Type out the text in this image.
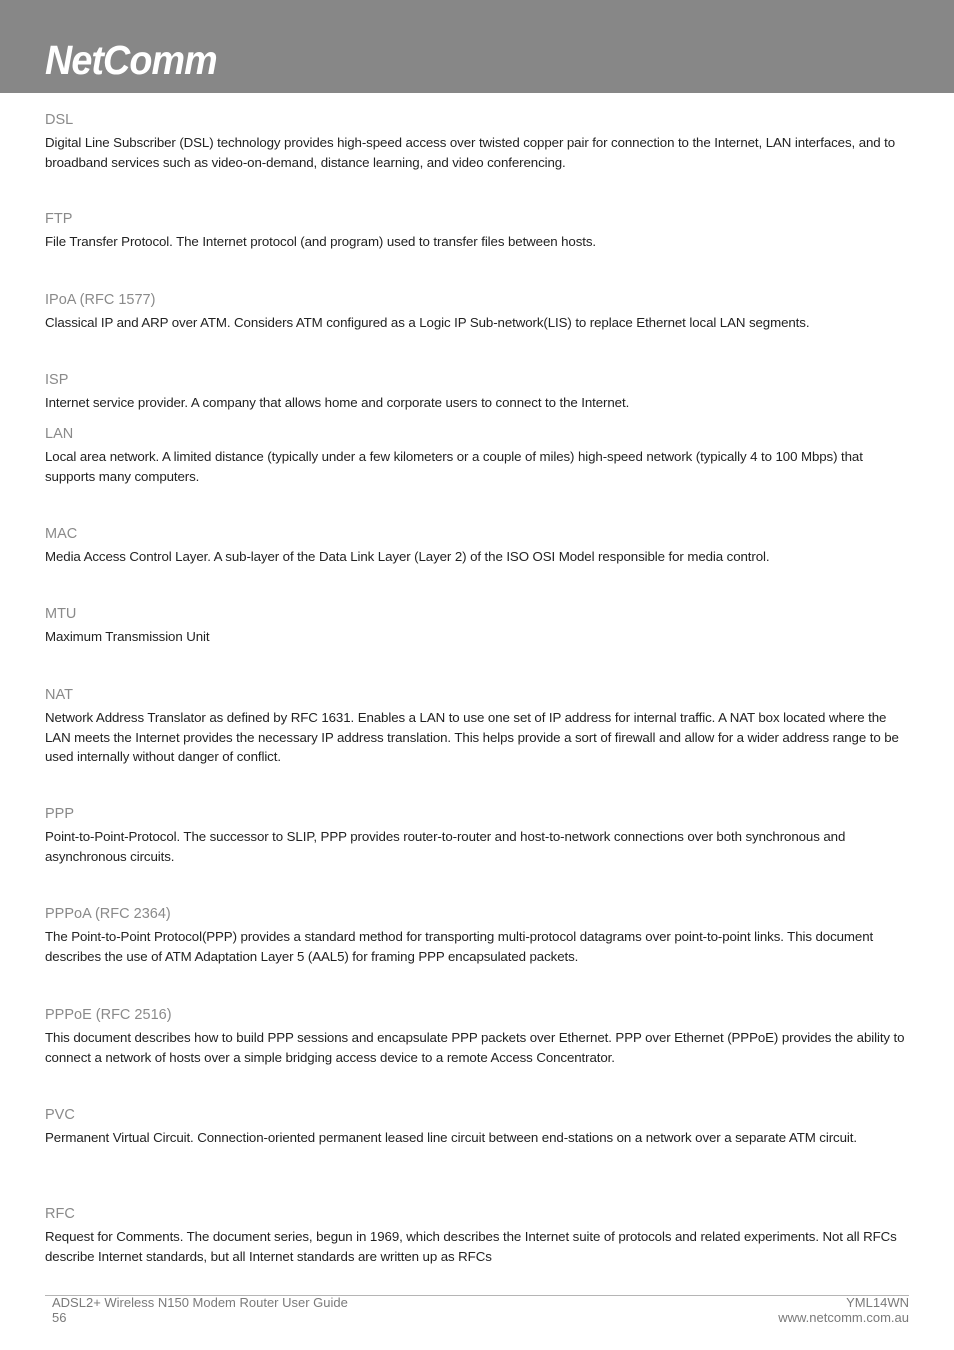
NetComm

DSL

Digital Line Subscriber (DSL) technology provides high-speed access over twisted copper pair for connection to the Internet, LAN interfaces, and to broadband services such as video-on-demand, distance learning, and video conferencing.

FTP

File Transfer Protocol. The Internet protocol (and program) used to transfer files between hosts.

IPoA (RFC 1577)

Classical IP and ARP over ATM. Considers ATM configured as a Logic IP Sub-network(LIS) to replace Ethernet local LAN segments.

ISP

Internet service provider. A company that allows home and corporate users to connect to the Internet.

LAN

Local area network. A limited distance (typically under a few kilometers or a couple of miles) high-speed network (typically 4 to 100 Mbps) that supports many computers.

MAC

Media Access Control Layer. A sub-layer of the Data Link Layer (Layer 2) of the ISO OSI Model responsible for media control.

MTU

Maximum Transmission Unit

NAT

Network Address Translator as defined by RFC 1631. Enables a LAN to use one set of IP address for internal traffic. A NAT box located where the LAN meets the Internet provides the necessary IP address translation. This helps provide a sort of firewall and allow for a wider address range to be used internally without danger of conflict.

PPP

Point-to-Point-Protocol. The successor to SLIP, PPP provides router-to-router and host-to-network connections over both synchronous and asynchronous circuits.

PPPoA (RFC 2364)

The Point-to-Point Protocol(PPP) provides a standard method for transporting multi-protocol datagrams over point-to-point links. This document describes the use of ATM Adaptation Layer 5 (AAL5) for framing PPP encapsulated packets.

PPPoE (RFC 2516)

This document describes how to build PPP sessions and encapsulate PPP packets over Ethernet. PPP over Ethernet (PPPoE) provides the ability to connect a network of hosts over a simple bridging access device to a remote Access Concentrator.

PVC

Permanent Virtual Circuit. Connection-oriented permanent leased line circuit between end-stations on a network over a separate ATM circuit.

RFC

Request for Comments. The document series, begun in 1969, which describes the Internet suite of protocols and related experiments. Not all RFCs describe Internet standards, but all Internet standards are written up as RFCs

ADSL2+ Wireless N150 Modem Router User Guide
56
YML14WN
www.netcomm.com.au
